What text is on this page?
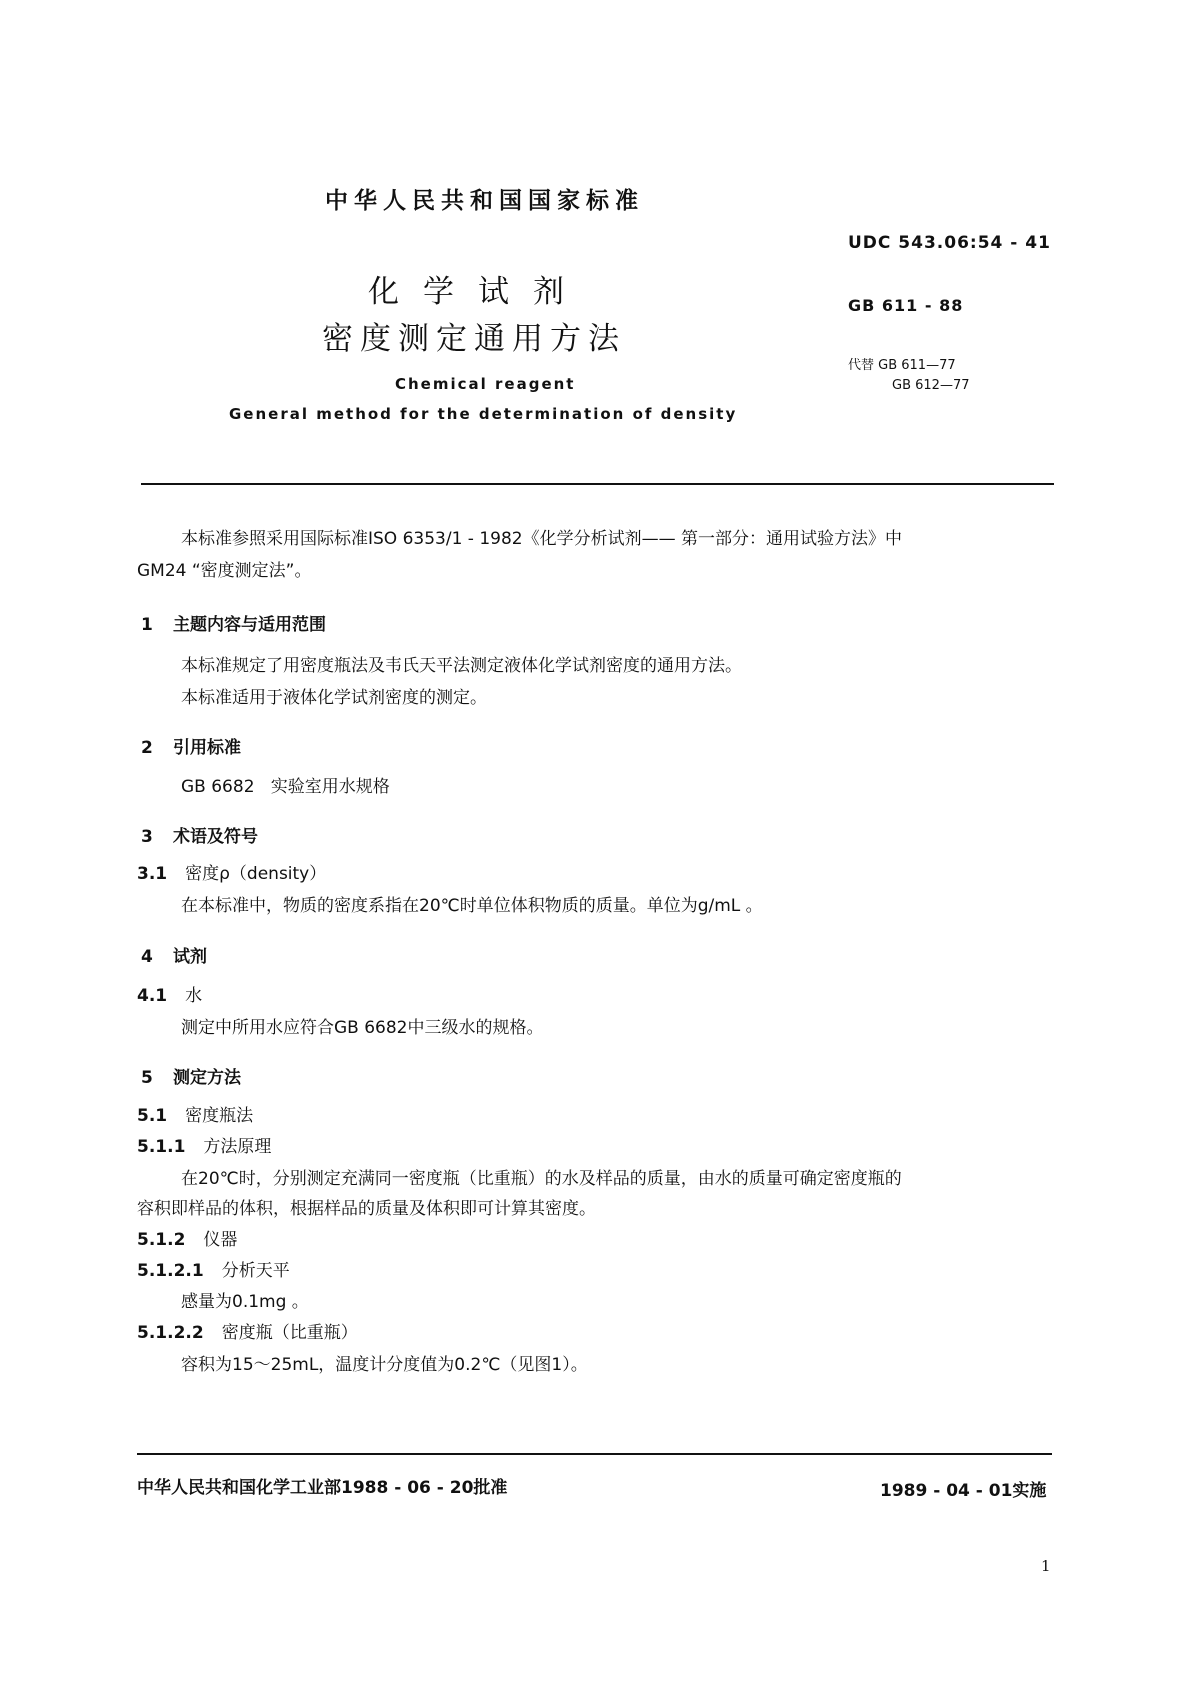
中华人民共和国国家标准
UDC 543.06:54 - 41
化学试剂	GB 611 - 88
密度测定通用方法
代替 GB 611—77
GB 612—77
Chemical reagent
General method for the determination of density
本标准参照采用国际标准ISO 6353/1 - 1982《化学分析试剂—— 第一部分：通用试验方法》中
GM24 “密度测定法”。
1 主题内容与适用范围
本标准规定了用密度瓶法及韦氏天平法测定液体化学试剂密度的通用方法。
本标准适用于液体化学试剂密度的测定。
2 引用标准
GB 6682   实验室用水规格
3 术语及符号
3.1 密度ρ（density）
在本标准中，物质的密度系指在20℃时单位体积物质的质量。单位为g/mL 。
4 试剂
4.1 水
测定中所用水应符合GB 6682中三级水的规格。
5 测定方法
5.1 密度瓶法
5.1.1 方法原理
在20℃时，分别测定充满同一密度瓶（比重瓶）的水及样品的质量，由水的质量可确定密度瓶的
容积即样品的体积，根据样品的质量及体积即可计算其密度。
5.1.2 仪器
5.1.2.1 分析天平
感量为0.1mg 。
5.1.2.2 密度瓶（比重瓶）
容积为15～25mL，温度计分度值为0.2℃（见图1）。
中华人民共和国化学工业部1988 - 06 - 20批准	1989 - 04 - 01实施
1
